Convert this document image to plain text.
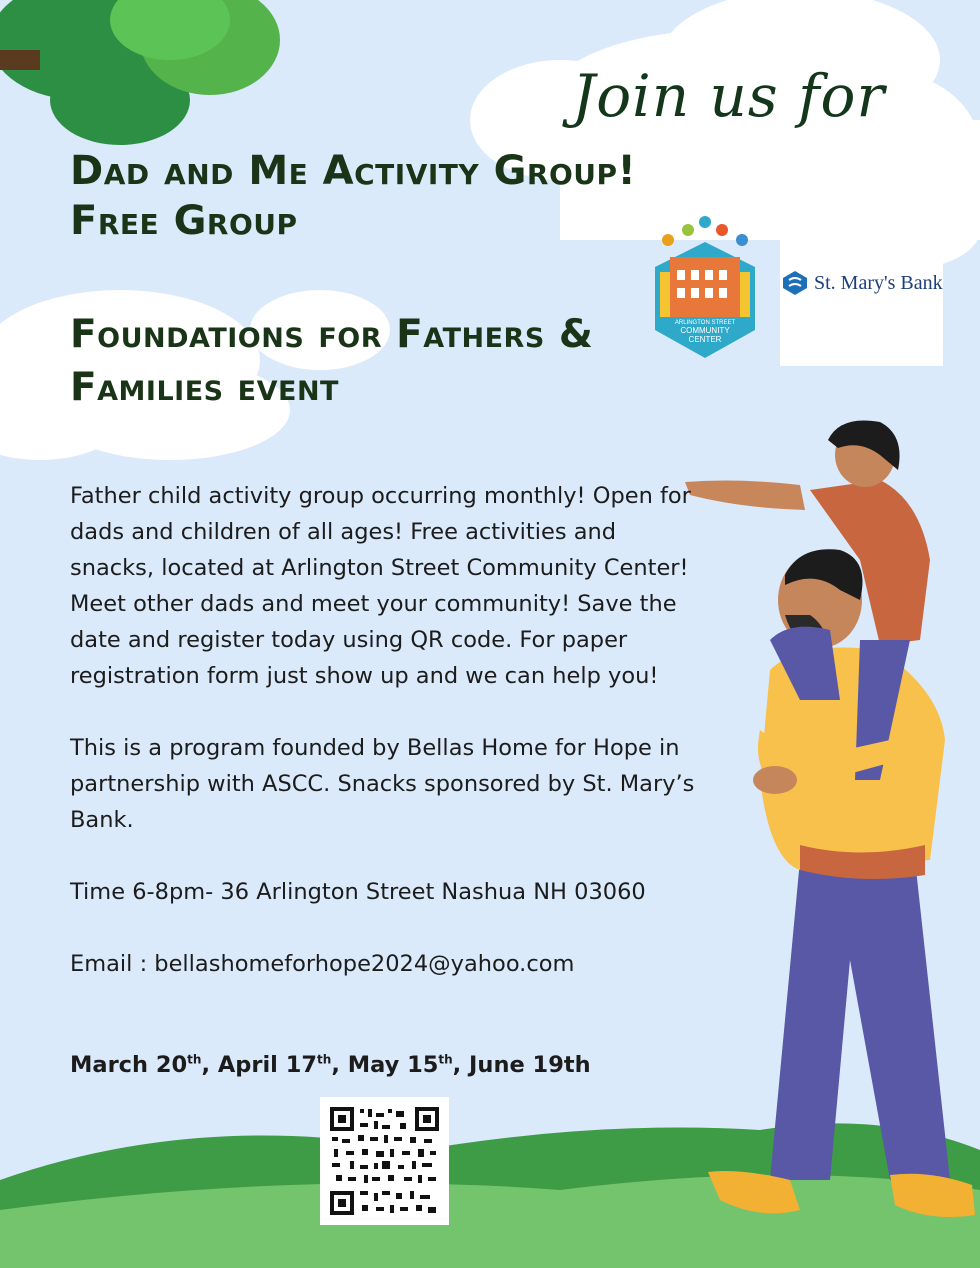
Join us for

Dad and Me Activity Group! Free Group
Foundations for Fathers & Families event
ARLINGTON STREET
COMMUNITY
CENTER
St. Mary's Bank

Father child activity group occurring monthly! Open for dads and children of all ages! Free activities and snacks, located at Arlington Street Community Center! Meet other dads and meet your community! Save the date and register today using QR code. For paper registration form just show up and we can help you!

This is a program founded by Bellas Home for Hope in partnership with ASCC. Snacks sponsored by St. Mary’s Bank.

Time 6-8pm- 36 Arlington Street Nashua NH 03060

Email : bellashomeforhope2024@yahoo.com

March 20th, April 17th, May 15th, June 19th
